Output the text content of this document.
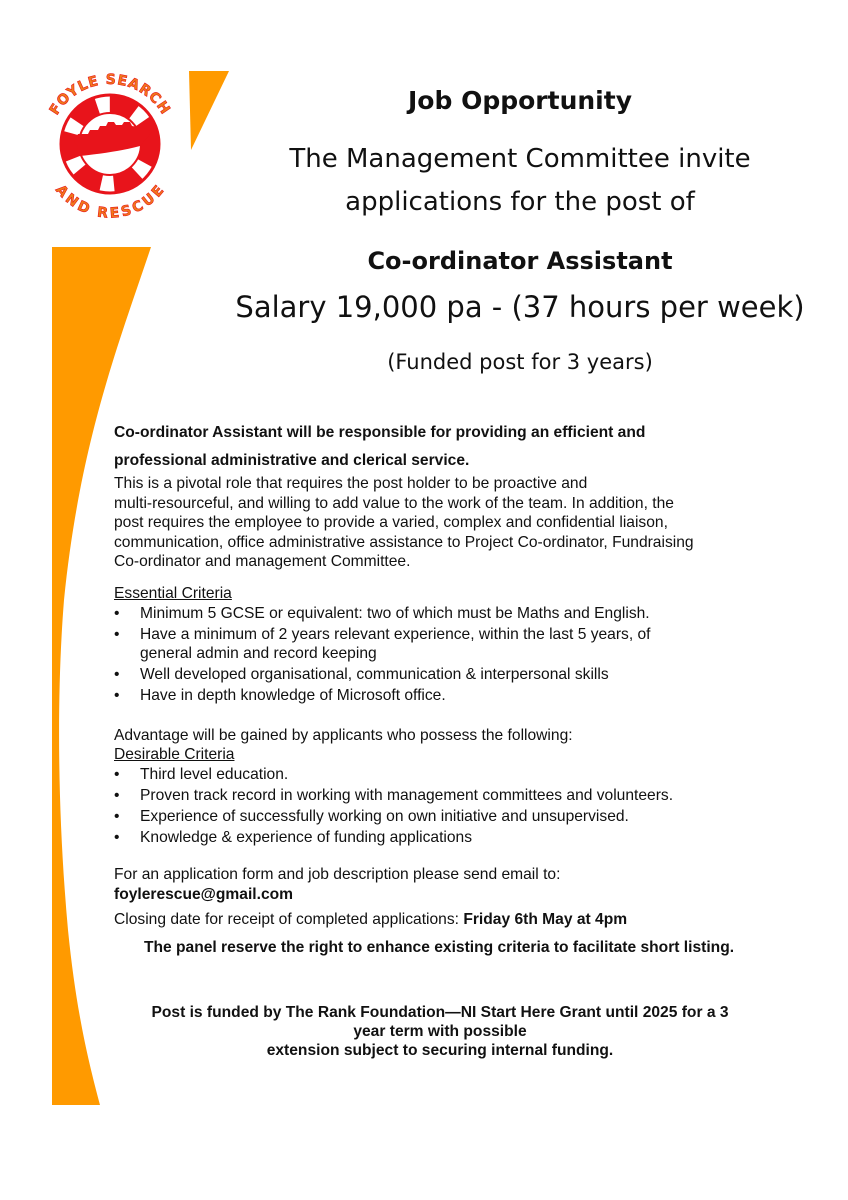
FOYLE SEARCH
AND RESCUE
Job Opportunity
The Management Committee invite
applications for the post of
Co-ordinator Assistant
Salary 19,000 pa - (37 hours per week)
(Funded post for 3 years)
Co-ordinator Assistant will be responsible for providing an efficient and
professional administrative and clerical service.
This is a pivotal role that requires the post holder to be proactive and
multi-resourceful, and willing to add value to the work of the team. In addition, the
post requires the employee to provide a varied, complex and confidential liaison,
communication, office administrative assistance to Project Co-ordinator, Fundraising
Co-ordinator and management Committee.
Essential Criteria
• Minimum 5 GCSE or equivalent: two of which must be Maths and English.
• Have a minimum of 2 years relevant experience, within the last 5 years, of general admin and record keeping
• Well developed organisational, communication & interpersonal skills
• Have in depth knowledge of Microsoft office.
Advantage will be gained by applicants who possess the following:
Desirable Criteria
• Third level education.
• Proven track record in working with management committees and volunteers.
• Experience of successfully working on own initiative and unsupervised.
• Knowledge & experience of funding applications
For an application form and job description please send email to:
foylerescue@gmail.com
Closing date for receipt of completed applications: Friday 6th May at 4pm
The panel reserve the right to enhance existing criteria to facilitate short listing.
Post is funded by The Rank Foundation—NI Start Here Grant until 2025 for a 3
year term with possible
extension subject to securing internal funding.
